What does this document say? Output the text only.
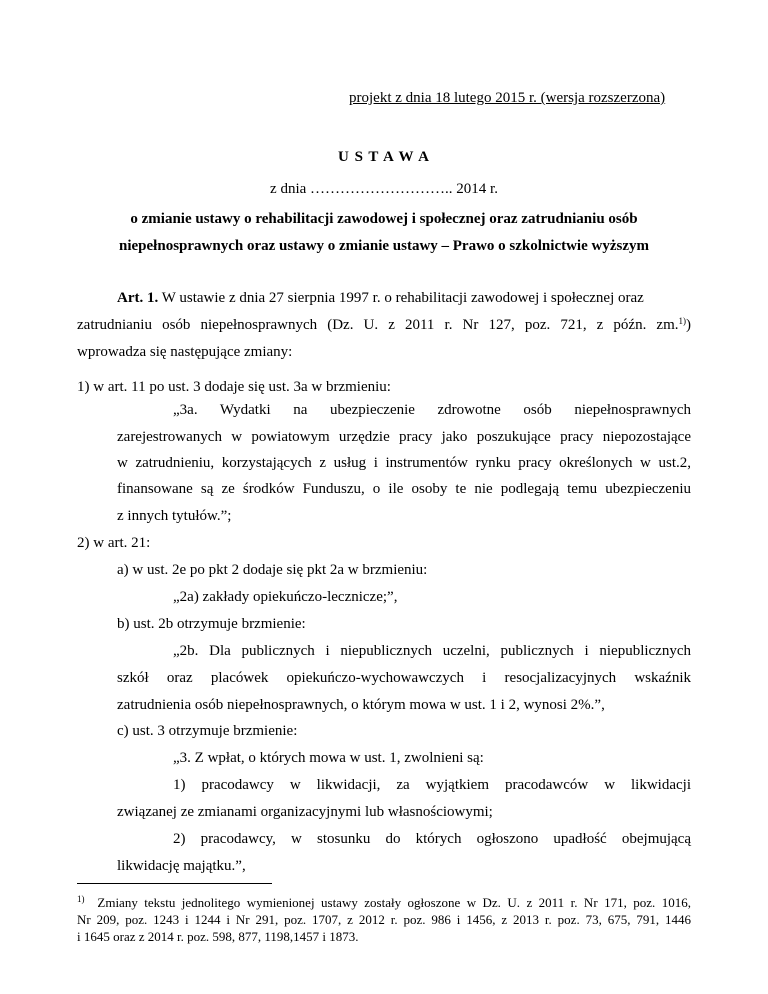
projekt z dnia 18 lutego 2015 r. (wersja rozszerzona)
U S T A W A
z dnia ……………………….. 2014 r.
o zmianie ustawy o rehabilitacji zawodowej i społecznej oraz zatrudnianiu osób
niepełnosprawnych oraz ustawy o zmianie ustawy – Prawo o szkolnictwie wyższym
Art. 1. W ustawie z dnia 27 sierpnia 1997 r. o rehabilitacji zawodowej i społecznej oraz
zatrudnianiu osób niepełnosprawnych (Dz. U. z 2011 r. Nr 127, poz. 721, z późn. zm.$^{1)}$)
wprowadza się następujące zmiany:
1) w art. 11 po ust. 3 dodaje się ust. 3a w brzmieniu:
„3a. Wydatki na ubezpieczenie zdrowotne osób niepełnosprawnych
zarejestrowanych w powiatowym urzędzie pracy jako poszukujące pracy niepozostające
w zatrudnieniu, korzystających z usług i instrumentów rynku pracy określonych w ust.2,
finansowane są ze środków Funduszu, o ile osoby te nie podlegają temu ubezpieczeniu
z innych tytułów.”;
2) w art. 21:
a) w ust. 2e po pkt 2 dodaje się pkt 2a w brzmieniu:
„2a) zakłady opiekuńczo-lecznicze;”,
b) ust. 2b otrzymuje brzmienie:
„2b. Dla publicznych i niepublicznych uczelni, publicznych i niepublicznych
szkół oraz placówek opiekuńczo-wychowawczych i resocjalizacyjnych wskaźnik
zatrudnienia osób niepełnosprawnych, o którym mowa w ust. 1 i 2, wynosi 2%.”,
c) ust. 3 otrzymuje brzmienie:
„3. Z wpłat, o których mowa w ust. 1, zwolnieni są:
1) pracodawcy w likwidacji, za wyjątkiem pracodawców w likwidacji
związanej ze zmianami organizacyjnymi lub własnościowymi;
2) pracodawcy, w stosunku do których ogłoszono upadłość obejmującą
likwidację majątku.”,
$^{1)}$ Zmiany tekstu jednolitego wymienionej ustawy zostały ogłoszone w Dz. U. z 2011 r. Nr 171, poz. 1016,
Nr 209, poz. 1243 i 1244 i Nr 291, poz. 1707, z 2012 r. poz. 986 i 1456, z 2013 r. poz. 73, 675, 791, 1446
i 1645 oraz z 2014 r. poz. 598, 877, 1198,1457 i 1873.
